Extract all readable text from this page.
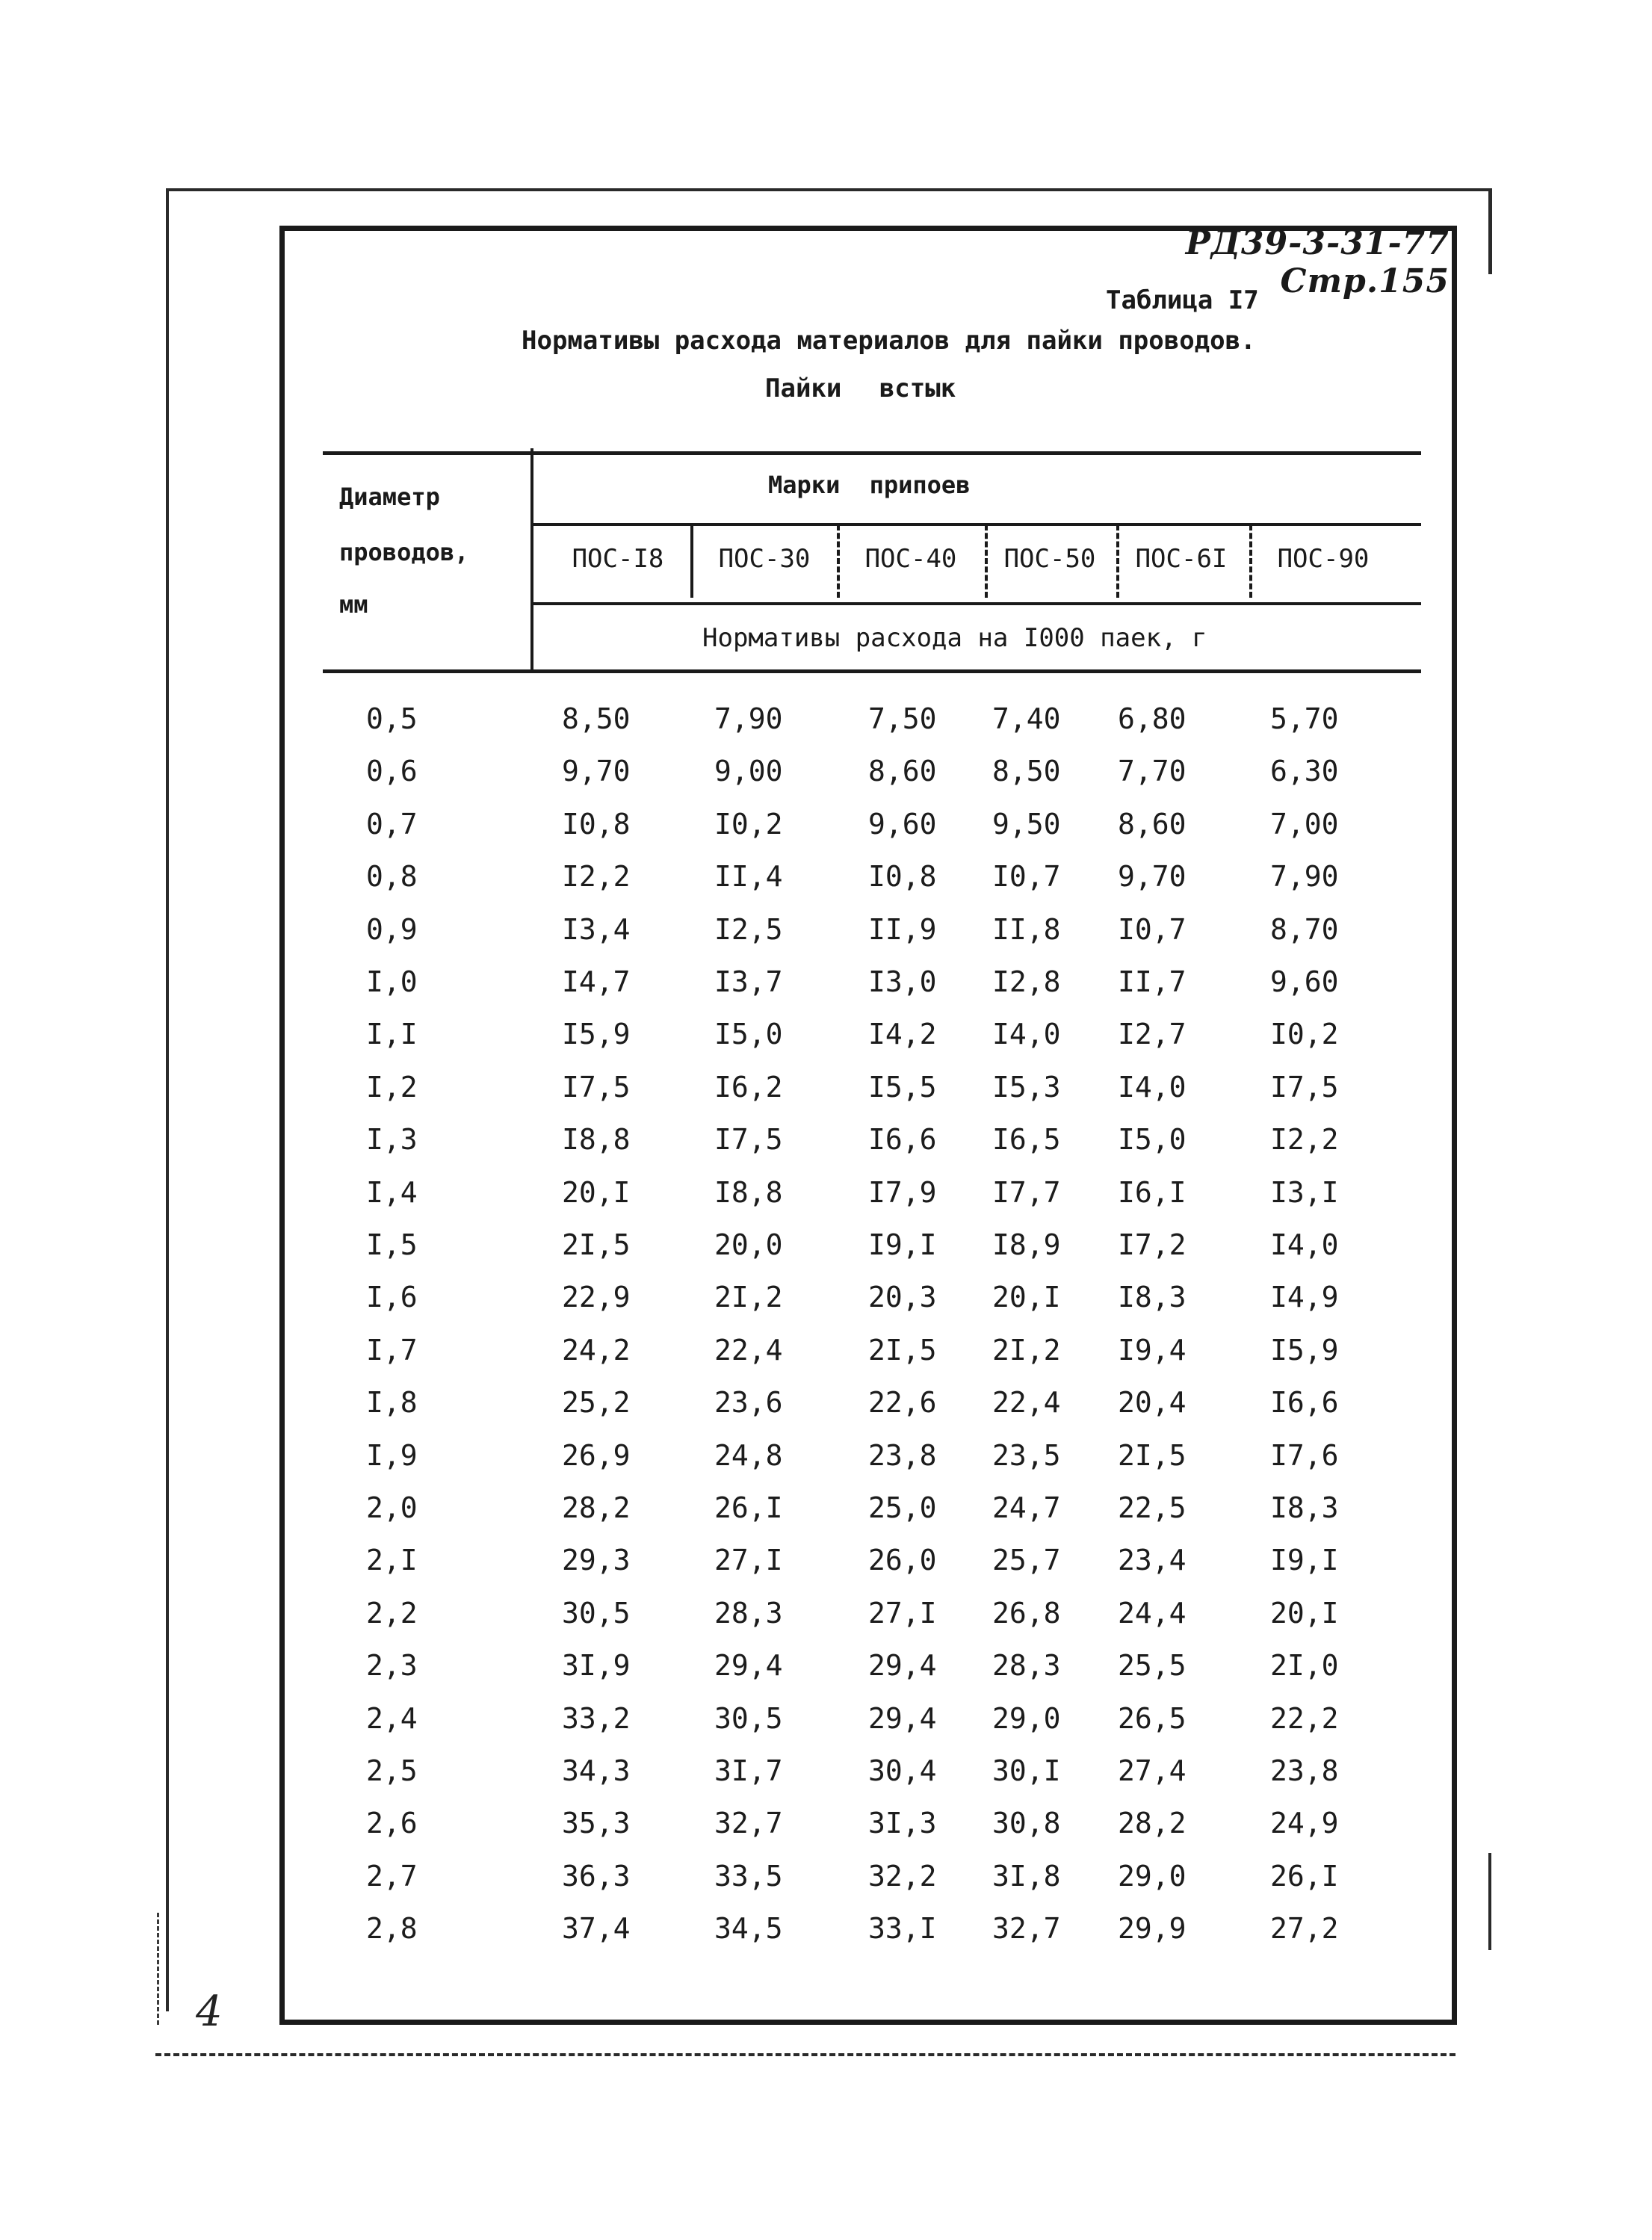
РД39-3-31-77 Стр.155
Таблица I7
Нормативы расхода материалов для пайки проводов.
Пайки встык
Диаметр
проводов,
мм
Марки припоев
ПОС-I8	ПОС-30	ПОС-40	ПОС-50	ПОС-6I	ПОС-90
Нормативы расхода на I000 паек, г
0,5	8,50	7,90	7,50 7,40 6,80	5,70
0,6	9,70	9,00	8,60 8,50 7,70	6,30
0,7	I0,8	I0,2	9,60 9,50 8,60	7,00
0,8	I2,2	II,4	I0,8 I0,7 9,70	7,90
0,9	I3,4	I2,5	II,9 II,8 I0,7	8,70
I,0	I4,7	I3,7	I3,0 I2,8 II,7	9,60
I,I	I5,9	I5,0	I4,2 I4,0 I2,7	I0,2
I,2	I7,5	I6,2	I5,5 I5,3 I4,0	I7,5
I,3	I8,8	I7,5	I6,6 I6,5 I5,0	I2,2
I,4	20,I	I8,8	I7,9 I7,7 I6,I	I3,I
I,5	2I,5	20,0	I9,I I8,9 I7,2	I4,0
I,6	22,9	2I,2	20,3 20,I I8,3	I4,9
I,7	24,2	22,4	2I,5 2I,2 I9,4	I5,9
I,8	25,2	23,6	22,6 22,4 20,4	I6,6
I,9	26,9	24,8	23,8 23,5 2I,5	I7,6
2,0	28,2	26,I	25,0 24,7 22,5	I8,3
2,I	29,3	27,I	26,0 25,7 23,4	I9,I
2,2	30,5	28,3	27,I 26,8 24,4	20,I
2,3	3I,9	29,4	29,4 28,3 25,5	2I,0
2,4	33,2	30,5	29,4 29,0 26,5	22,2
2,5	34,3	3I,7	30,4 30,I 27,4	23,8
2,6	35,3	32,7	3I,3 30,8 28,2	24,9
2,7	36,3	33,5	32,2 3I,8 29,0	26,I
2,8	37,4	34,5	33,I 32,7 29,9	27,2
4
